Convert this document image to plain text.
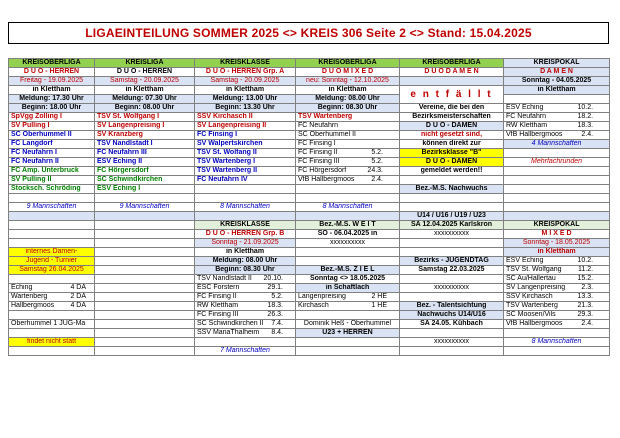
LIGAEINTEILUNG SOMMER 2025 <> KREIS 306 Seite 2 <> Stand: 15.04.2025

KREISOBERLIGA	KREISLIGA	KREISKLASSE	KREISOBERLIGA	KREISOBERLIGA	KREISPOKAL
D U O - HERREN	D U O - HERREN	D U O - HERREN Grp. A	D U O M I X E D	D U O D A M E N	D A M E N
Freitag - 19.09.2025	Samstag - 20.09.2025	Samstag - 20.09.2025	neu: Sonntag - 12.10.2025		Sonntag - 04.05.2025
in Klettham	in Klettham	in Klettham	in Klettham	e n t f ä l l t	in Klettham
Meldung: 17.30 Uhr	Meldung: 07.30 Uhr	Meldung: 13.00 Uhr	Meldung: 08.00 Uhr		
Beginn: 18.00 Uhr	Beginn: 08.00 Uhr	Beginn: 13.30 Uhr	Beginn: 08.30 Uhr	Vereine, die bei den	ESV Eching 10.2.

SpVgg Zolling I	TSV St. Wolfgang I	SSV Kirchasch II	TSV Wartenberg	Bezirksmeisterschaften	FC Neufahrn 18.2.

SV Pulling I	SV Langenpreising I	SV Langenpreising II	FC Neufahrn	D U O - DAMEN	RW Klettham 18.3.

SC Oberhummel II	SV Kranzberg	FC Finsing I	SC Oberhummel II	nicht gesetzt sind,	VfB Hallbergmoos 2.4.

FC Langdorf	TSV Nandlstadt I	SV Walpertskirchen	FC Finsing I	können direkt zur	4 Mannschaften
FC Neufahrn I	FC Neufahrn III	TSV St. Wolfang II	FC Finsing II 5.2.	Bezirksklasse "B"	
FC Neufahrn II	ESV Eching II	TSV Wartenberg I	FC Finsing III 5.2.	D U O - DAMEN	Mehrfachrunden
FC Amp. Unterbruck	FC Hörgersdorf	TSV Wartenberg II	FC Hörgersdorf 24.3.	gemeldet werden!!	
SV Pulling II	SC Schwindkirchen	FC Neufahrn IV	VfB Hallbergmoos 2.4.		

Stocksch. Schröding	ESV Eching I			Bez.-M.S. Nachwuchs	

9 Mannschaften	9 Mannschaften	8 Mannschaften	8 Mannschaften		
				U14 / U16 / U19 / U23	
		KREISKLASSE	Bez.-M.S. W E I T	SA 12.04.2025 Karlskron	KREISPOKAL
		D U O - HERREN Grp. B	SO - 06.04.2025 in	xxxxxxxxxx	M I X E D
		Sonntag - 21.09.2025	xxxxxxxxxx		Sonntag - 18.05.2025
internes Damen-		in Klettham			in Klettham
Jugend - Turnier		Meldung: 08.00 Uhr		Bezirks - JUGENDTAG	ESV Eching 10.2.

Samstag 26.04.2025		Beginn: 08.30 Uhr	Bez.-M.S. Z I E L	Samstag 22.03.2025	TSV St. Wolfgang 11.2.

		TSV Nandlstadt II 20.10.	Sonntag <> 18.05.2025		SC Au/Hallertau 15.2.

Eching 4 DA		ESC Forstern 29.1.	in Schaftlach	xxxxxxxxxx	SV Langenpreising 2.3.

Wartenberg 2 DA		FC Finsing II 5.2.	Langenpreising 2 HE		SSV Kirchasch 13.3.

Hallbergmoos 4 DA		RW Klettham 18.3.	Kirchasch 1 HE	Bez. - Talentsichtung	TSV Wartenberg 21.3.

		FC Finsing III 26.3.		Nachwuchs U14/U16	SC Moosen/Vils 29.3.

Oberhummel 1 JUG-Ma		SC Schwindkirchen II 7.4.	Dominik Heß - Oberhummel	SA 24.05. Kühbach	VfB Hallbergmoos 2.4.

		SSV MariaThalheim 8.4.	U23 + HERREN		
findet nicht statt				xxxxxxxxxx	8 Mannschaften
		7 Mannschaften			
